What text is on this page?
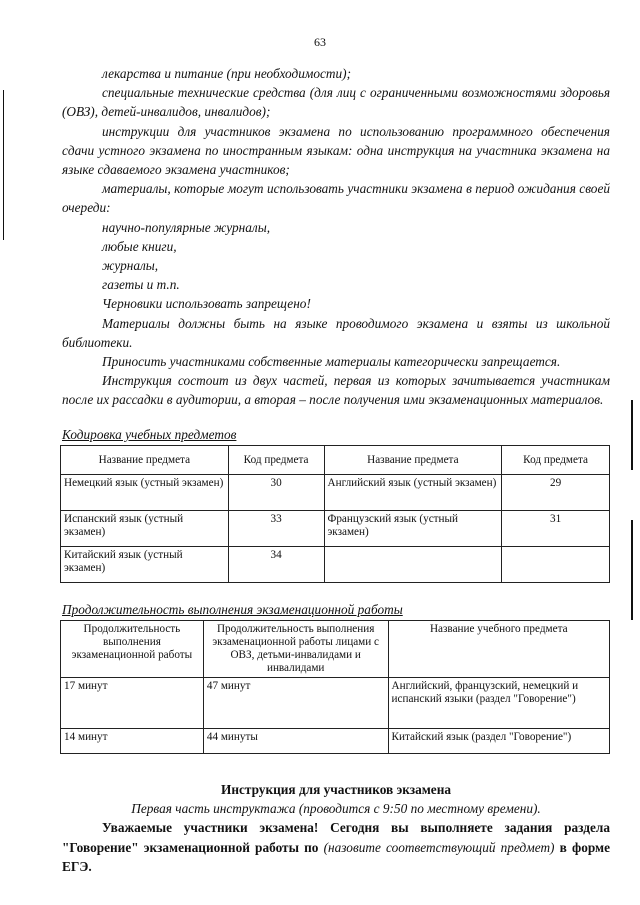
63

лекарства и питание (при необходимости);

специальные технические средства (для лиц с ограниченными возможностями здоровья (ОВЗ), детей-инвалидов, инвалидов);

инструкции для участников экзамена по использованию программного обеспечения сдачи устного экзамена по иностранным языкам: одна инструкция на участника экзамена на языке сдаваемого экзамена участников;

материалы, которые могут использовать участники экзамена в период ожидания своей очереди:

научно-популярные журналы,

любые книги,

журналы,

газеты и т.п.

Черновики использовать запрещено!

Материалы должны быть на языке проводимого экзамена и взяты из школьной библиотеки.

Приносить участниками собственные материалы категорически запрещается.

Инструкция состоит из двух частей, первая из которых зачитывается участникам после их рассадки в аудитории, а вторая – после получения ими экзаменационных материалов.

Кодировка учебных предметов
Название предмета	Код предмета	Название предмета	Код предмета
Немецкий язык (устный экзамен)	30	Английский язык (устный экзамен)	29
Испанский язык (устный экзамен)	33	Французский язык (устный экзамен)	31
Китайский язык (устный экзамен)	34		
Продолжительность выполнения экзаменационной работы
Продолжительность выполнения экзаменационной работы	Продолжительность выполнения экзаменационной работы лицами с ОВЗ, детьми-инвалидами и инвалидами	Название учебного предмета
17 минут	47 минут	Английский, французский, немецкий и испанский языки (раздел "Говорение")
14 минут	44 минуты	Китайский язык (раздел "Говорение")

Инструкция для участников экзамена

Первая часть инструктажа (проводится с 9:50 по местному времени).

Уважаемые участники экзамена! Сегодня вы выполняете задания раздела "Говорение" экзаменационной работы по (назовите соответствующий предмет) в форме ЕГЭ.
